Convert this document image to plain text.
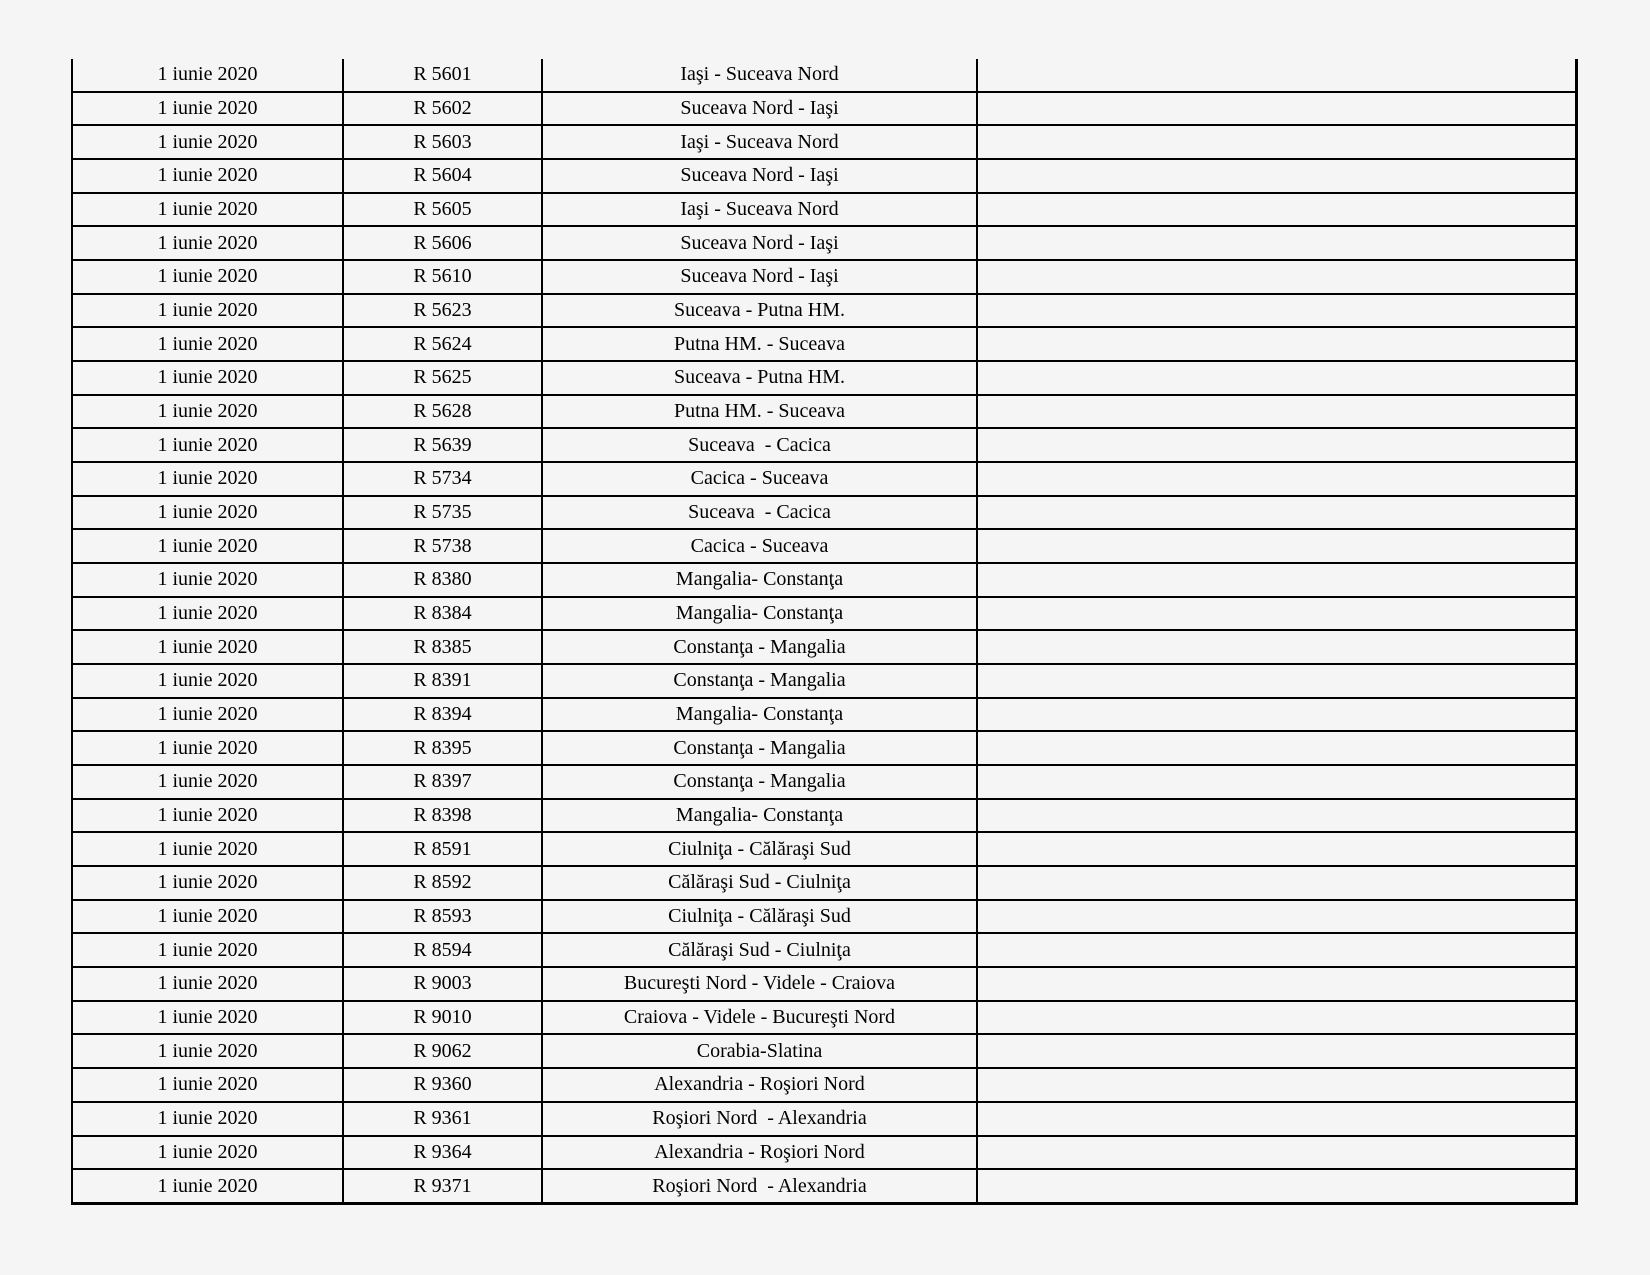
1 iunie 2020	R 5601	Iaşi - Suceava Nord
1 iunie 2020	R 5602	Suceava Nord - Iaşi
1 iunie 2020	R 5603	Iaşi - Suceava Nord
1 iunie 2020	R 5604	Suceava Nord - Iaşi
1 iunie 2020	R 5605	Iaşi - Suceava Nord
1 iunie 2020	R 5606	Suceava Nord - Iaşi
1 iunie 2020	R 5610	Suceava Nord - Iaşi
1 iunie 2020	R 5623	Suceava - Putna HM.
1 iunie 2020	R 5624	Putna HM. - Suceava
1 iunie 2020	R 5625	Suceava - Putna HM.
1 iunie 2020	R 5628	Putna HM. - Suceava
1 iunie 2020	R 5639	Suceava  - Cacica
1 iunie 2020	R 5734	Cacica - Suceava
1 iunie 2020	R 5735	Suceava  - Cacica
1 iunie 2020	R 5738	Cacica - Suceava
1 iunie 2020	R 8380	Mangalia- Constanţa
1 iunie 2020	R 8384	Mangalia- Constanţa
1 iunie 2020	R 8385	Constanţa - Mangalia
1 iunie 2020	R 8391	Constanţa - Mangalia
1 iunie 2020	R 8394	Mangalia- Constanţa
1 iunie 2020	R 8395	Constanţa - Mangalia
1 iunie 2020	R 8397	Constanţa - Mangalia
1 iunie 2020	R 8398	Mangalia- Constanţa
1 iunie 2020	R 8591	Ciulniţa - Călăraşi Sud
1 iunie 2020	R 8592	Călăraşi Sud - Ciulniţa
1 iunie 2020	R 8593	Ciulniţa - Călăraşi Sud
1 iunie 2020	R 8594	Călăraşi Sud - Ciulniţa
1 iunie 2020	R 9003	Bucureşti Nord - Videle - Craiova
1 iunie 2020	R 9010	Craiova - Videle - Bucureşti Nord
1 iunie 2020	R 9062	Corabia-Slatina
1 iunie 2020	R 9360	Alexandria - Roşiori Nord
1 iunie 2020	R 9361	Roşiori Nord  - Alexandria
1 iunie 2020	R 9364	Alexandria - Roşiori Nord
1 iunie 2020	R 9371	Roşiori Nord  - Alexandria
